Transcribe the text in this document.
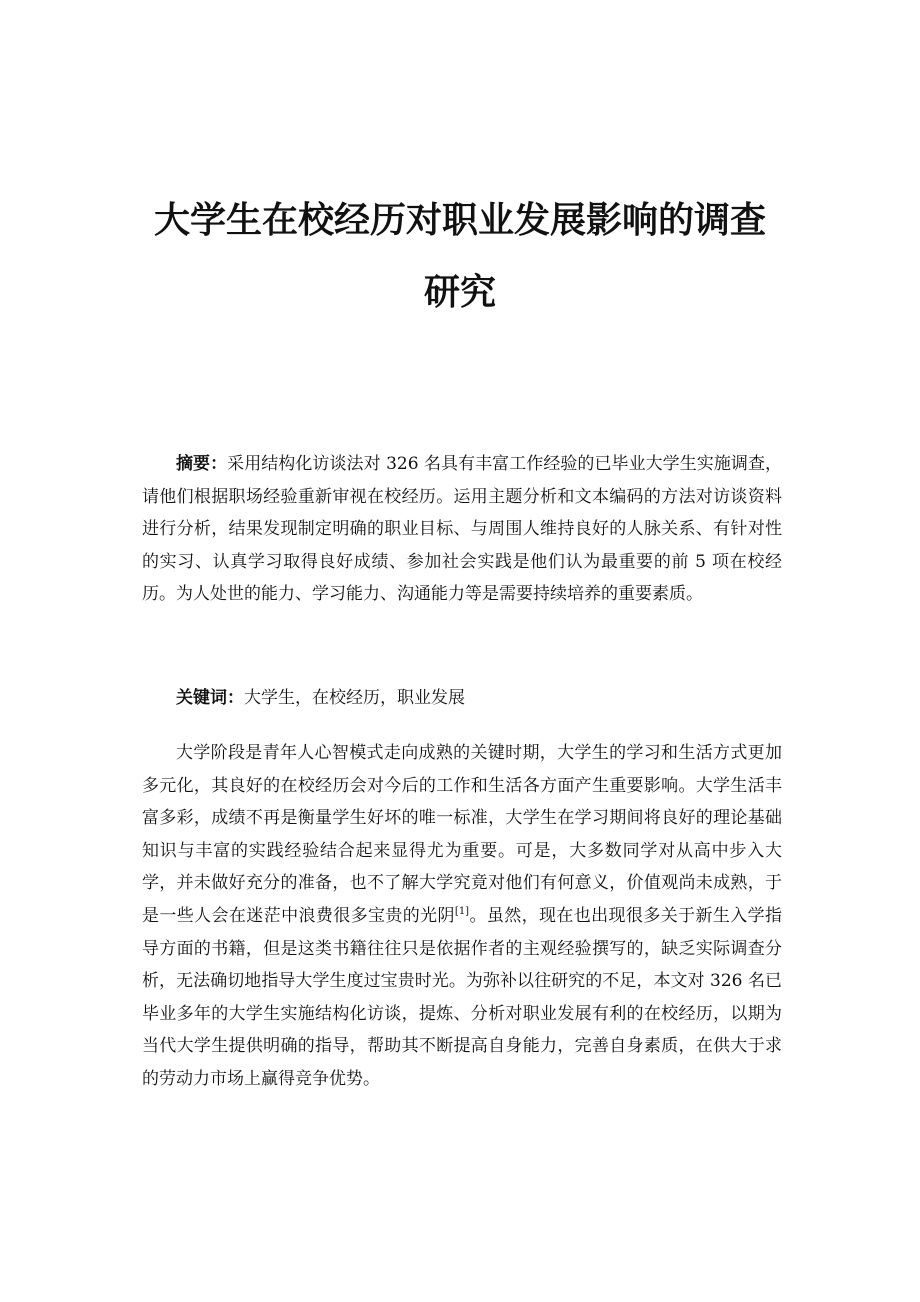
大学生在校经历对职业发展影响的调查
研究

摘要：采用结构化访谈法对 326 名具有丰富工作经验的已毕业大学生实施调查，请他们根据职场经验重新审视在校经历。运用主题分析和文本编码的方法对访谈资料进行分析，结果发现制定明确的职业目标、与周围人维持良好的人脉关系、有针对性的实习、认真学习取得良好成绩、参加社会实践是他们认为最重要的前 5 项在校经历。为人处世的能力、学习能力、沟通能力等是需要持续培养的重要素质。

关键词：大学生，在校经历，职业发展

大学阶段是青年人心智模式走向成熟的关键时期，大学生的学习和生活方式更加多元化，其良好的在校经历会对今后的工作和生活各方面产生重要影响。大学生活丰富多彩，成绩不再是衡量学生好坏的唯一标准，大学生在学习期间将良好的理论基础知识与丰富的实践经验结合起来显得尤为重要。可是，大多数同学对从高中步入大学，并未做好充分的准备，也不了解大学究竟对他们有何意义，价值观尚未成熟，于是一些人会在迷茫中浪费很多宝贵的光阴[1]。虽然，现在也出现很多关于新生入学指导方面的书籍，但是这类书籍往往只是依据作者的主观经验撰写的，缺乏实际调查分析，无法确切地指导大学生度过宝贵时光。为弥补以往研究的不足，本文对 326 名已毕业多年的大学生实施结构化访谈，提炼、分析对职业发展有利的在校经历，以期为当代大学生提供明确的指导，帮助其不断提高自身能力，完善自身素质，在供大于求的劳动力市场上赢得竞争优势。
